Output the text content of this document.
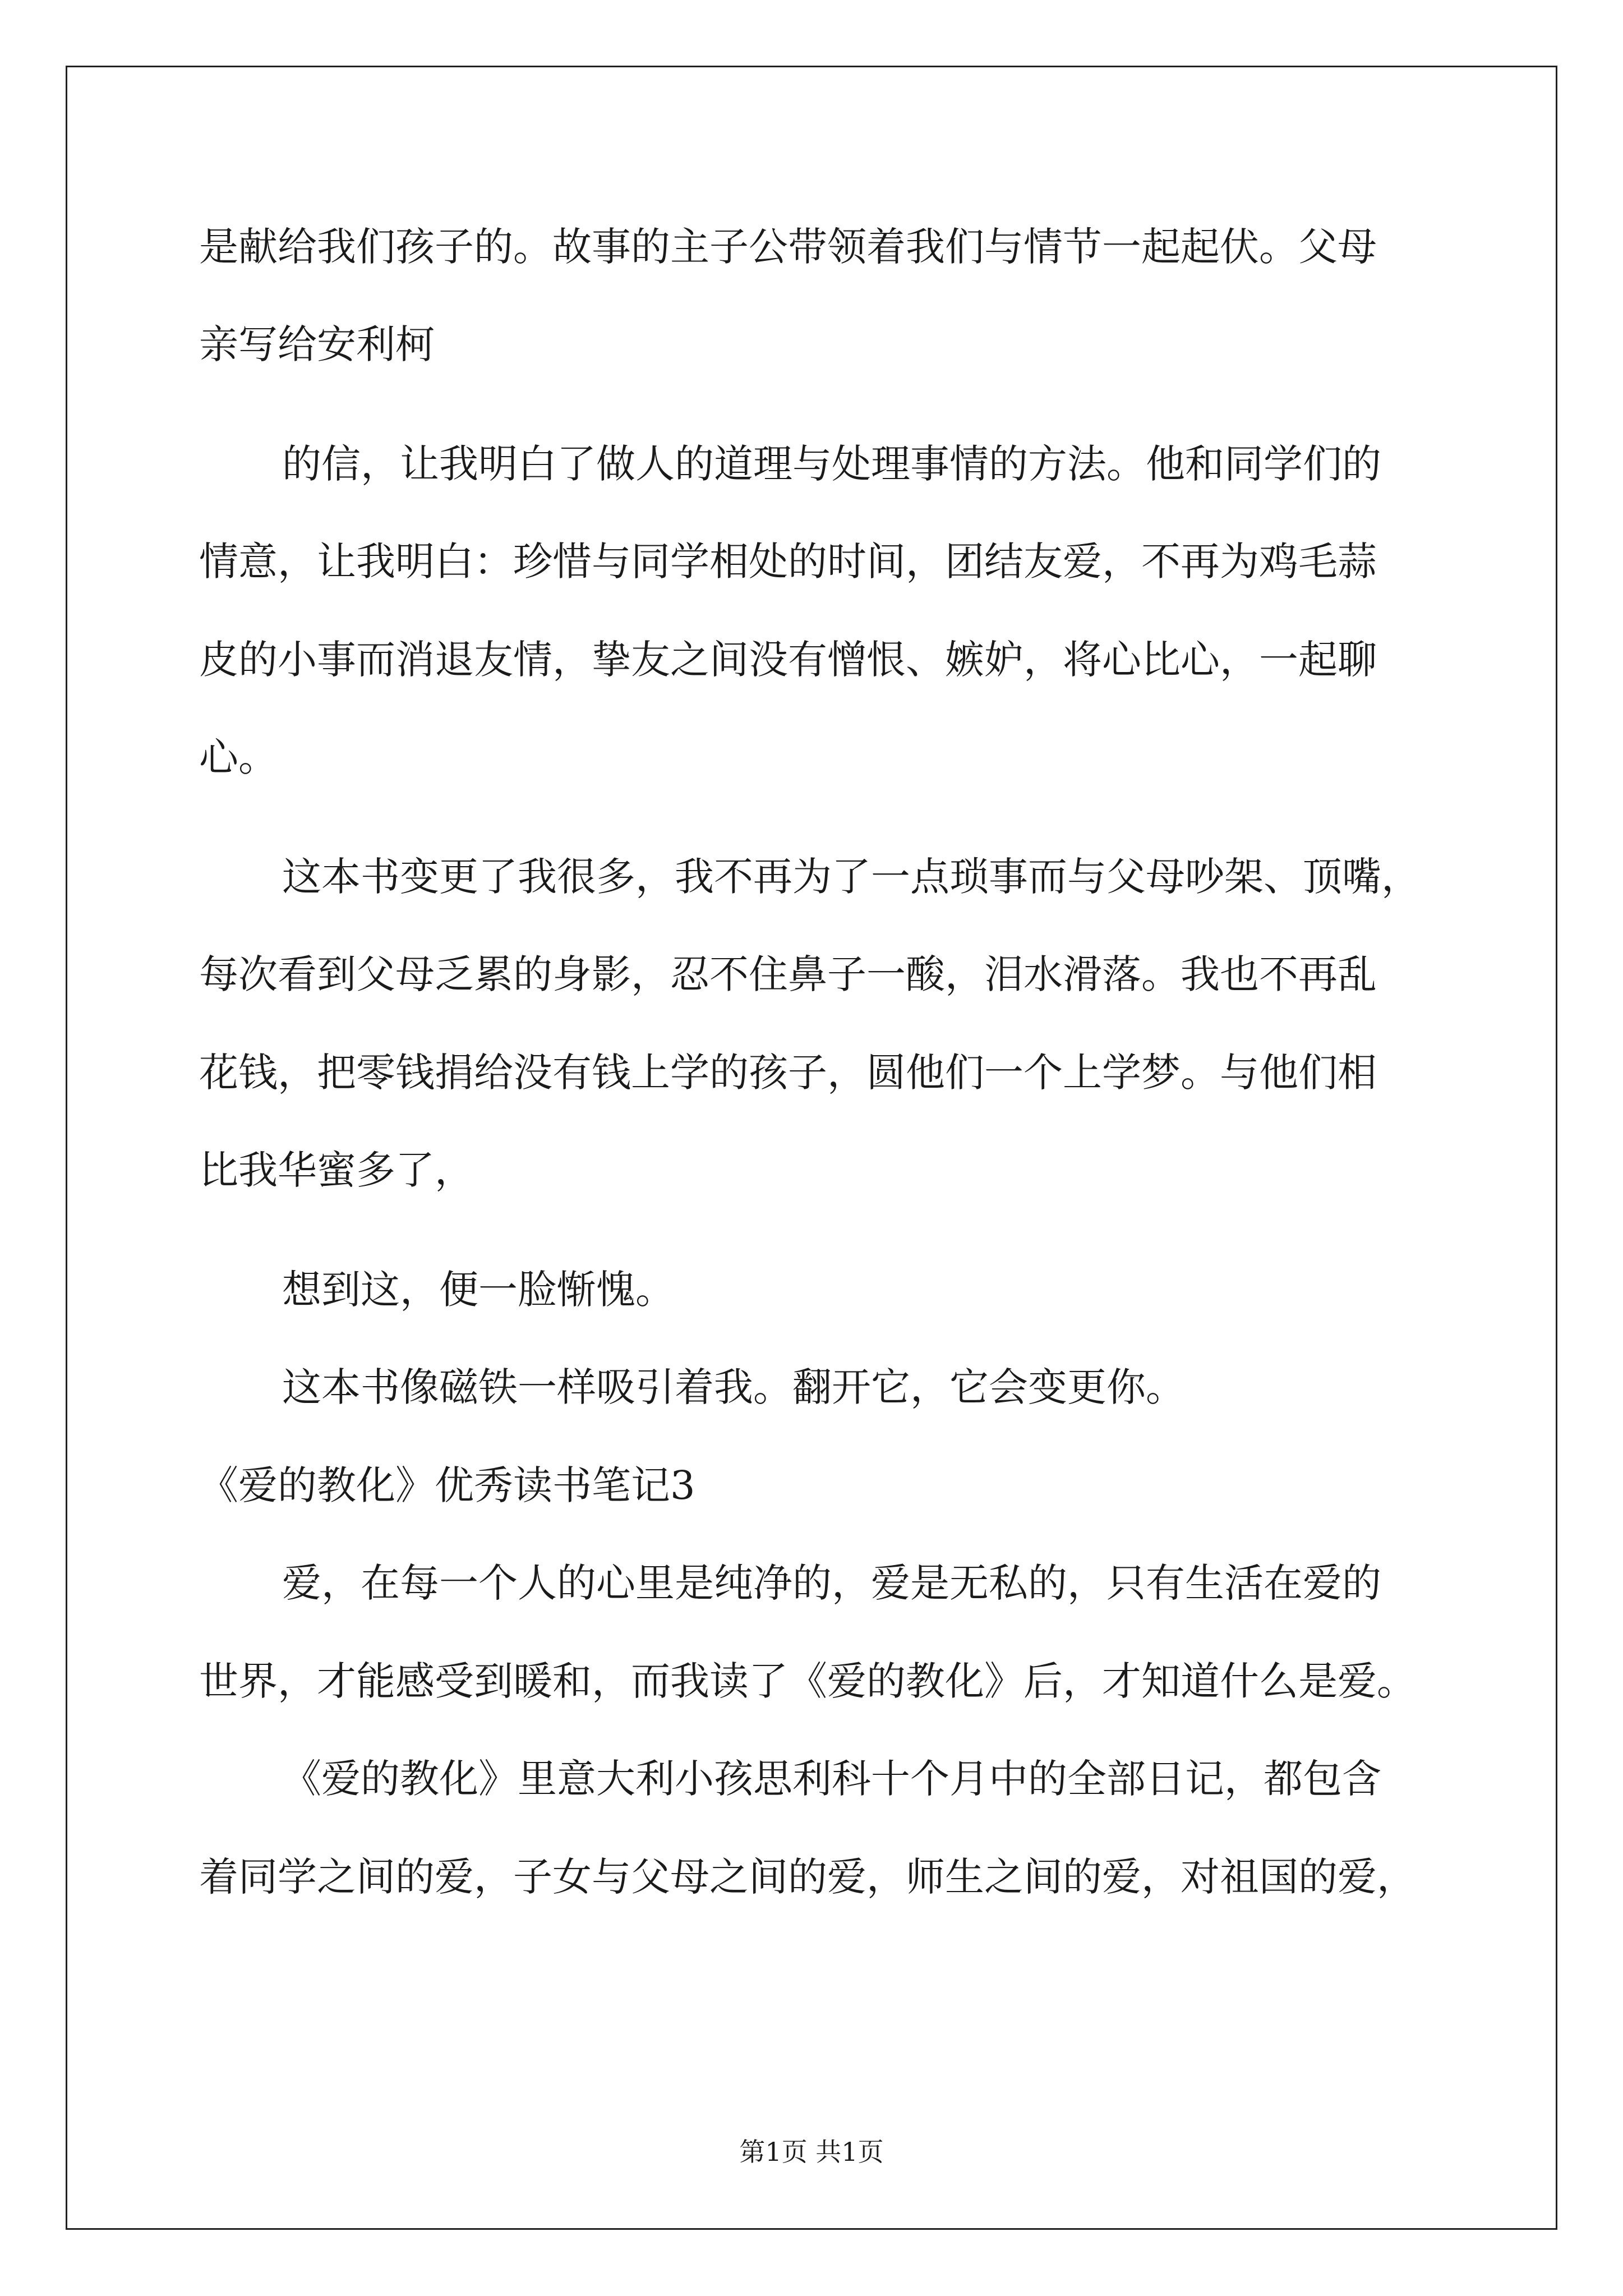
是献给我们孩子的。故事的主子公带领着我们与情节一起起伏。父母
亲写给安利柯
的信，让我明白了做人的道理与处理事情的方法。他和同学们的
情意，让我明白：珍惜与同学相处的时间，团结友爱，不再为鸡毛蒜
皮的小事而消退友情，挚友之间没有憎恨、嫉妒，将心比心，一起聊
心。
这本书变更了我很多，我不再为了一点琐事而与父母吵架、顶嘴，
每次看到父母乏累的身影，忍不住鼻子一酸，泪水滑落。我也不再乱
花钱，把零钱捐给没有钱上学的孩子，圆他们一个上学梦。与他们相
比我华蜜多了，
想到这，便一脸惭愧。
这本书像磁铁一样吸引着我。翻开它，它会变更你。
《爱的教化》优秀读书笔记3
爱，在每一个人的心里是纯净的，爱是无私的，只有生活在爱的
世界，才能感受到暖和，而我读了《爱的教化》后，才知道什么是爱。
《爱的教化》里意大利小孩思利科十个月中的全部日记，都包含
着同学之间的爱，子女与父母之间的爱，师生之间的爱，对祖国的爱，
第1页 共1页
